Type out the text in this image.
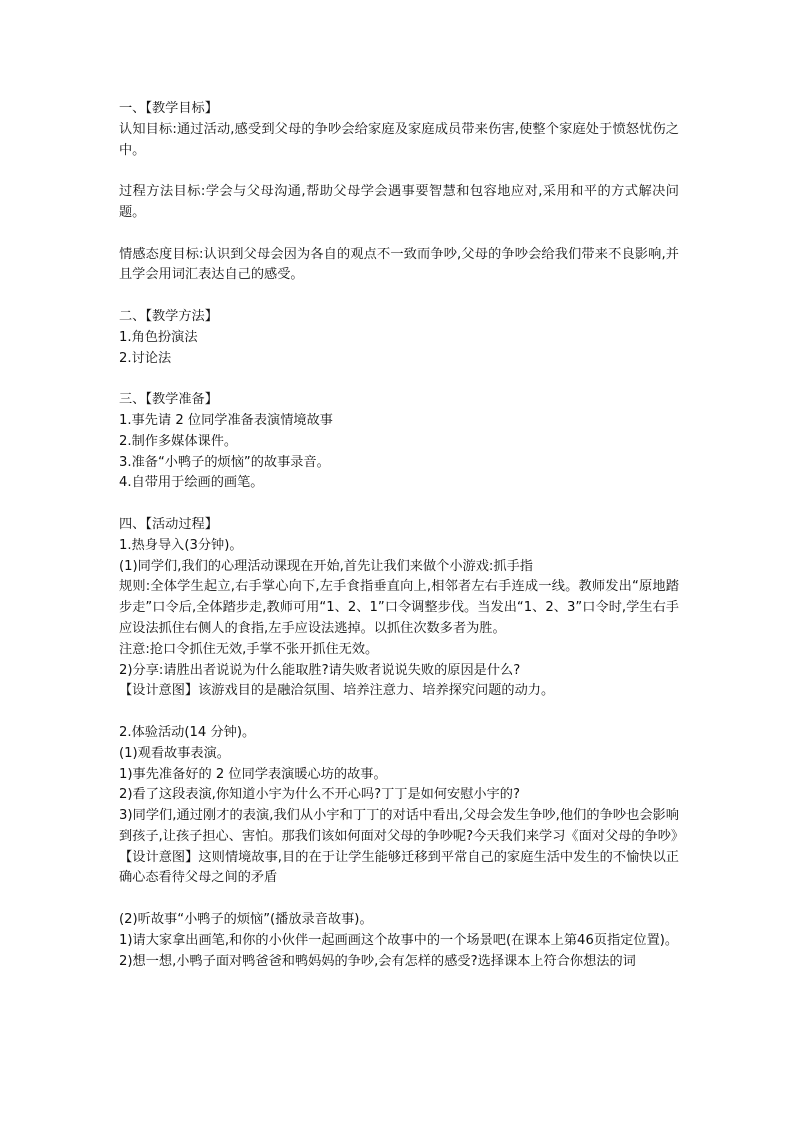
一、【教学目标】
认知目标:通过活动,感受到父母的争吵会给家庭及家庭成员带来伤害,使整个家庭处于愤怒忧伤之中。
过程方法目标:学会与父母沟通,帮助父母学会遇事要智慧和包容地应对,采用和平的方式解决问题。
情感态度目标:认识到父母会因为各自的观点不一致而争吵,父母的争吵会给我们带来不良影响,并且学会用词汇表达自己的感受。
二、【教学方法】
1.角色扮演法
2.讨论法
三、【教学准备】
1.事先请 2 位同学准备表演情境故事
2.制作多媒体课件。
3.准备“小鸭子的烦恼”的故事录音。
4.自带用于绘画的画笔。
四、【活动过程】
1.热身导入(3分钟)。
(1)同学们,我们的心理活动课现在开始,首先让我们来做个小游戏:抓手指
规则:全体学生起立,右手掌心向下,左手食指垂直向上,相邻者左右手连成一线。教师发出“原地踏步走”口令后,全体踏步走,教师可用“1、2、1”口令调整步伐。当发出“1、2、3”口令时,学生右手应设法抓住右侧人的食指,左手应设法逃掉。以抓住次数多者为胜。
注意:抢口令抓住无效,手掌不张开抓住无效。
2)分享:请胜出者说说为什么能取胜?请失败者说说失败的原因是什么?
【设计意图】该游戏目的是融洽氛围、培养注意力、培养探究问题的动力。
2.体验活动(14 分钟)。
(1)观看故事表演。
1)事先准备好的 2 位同学表演暖心坊的故事。
2)看了这段表演,你知道小宇为什么不开心吗?丁丁是如何安慰小宇的?
3)同学们,通过刚才的表演,我们从小宇和丁丁的对话中看出,父母会发生争吵,他们的争吵也会影响到孩子,让孩子担心、害怕。那我们该如何面对父母的争吵呢?今天我们来学习《面对父母的争吵》
【设计意图】这则情境故事,目的在于让学生能够迁移到平常自己的家庭生活中发生的不愉快以正确心态看待父母之间的矛盾
(2)听故事“小鸭子的烦恼”(播放录音故事)。
1)请大家拿出画笔,和你的小伙伴一起画画这个故事中的一个场景吧(在课本上第46页指定位置)。
2)想一想,小鸭子面对鸭爸爸和鸭妈妈的争吵,会有怎样的感受?选择课本上符合你想法的词
